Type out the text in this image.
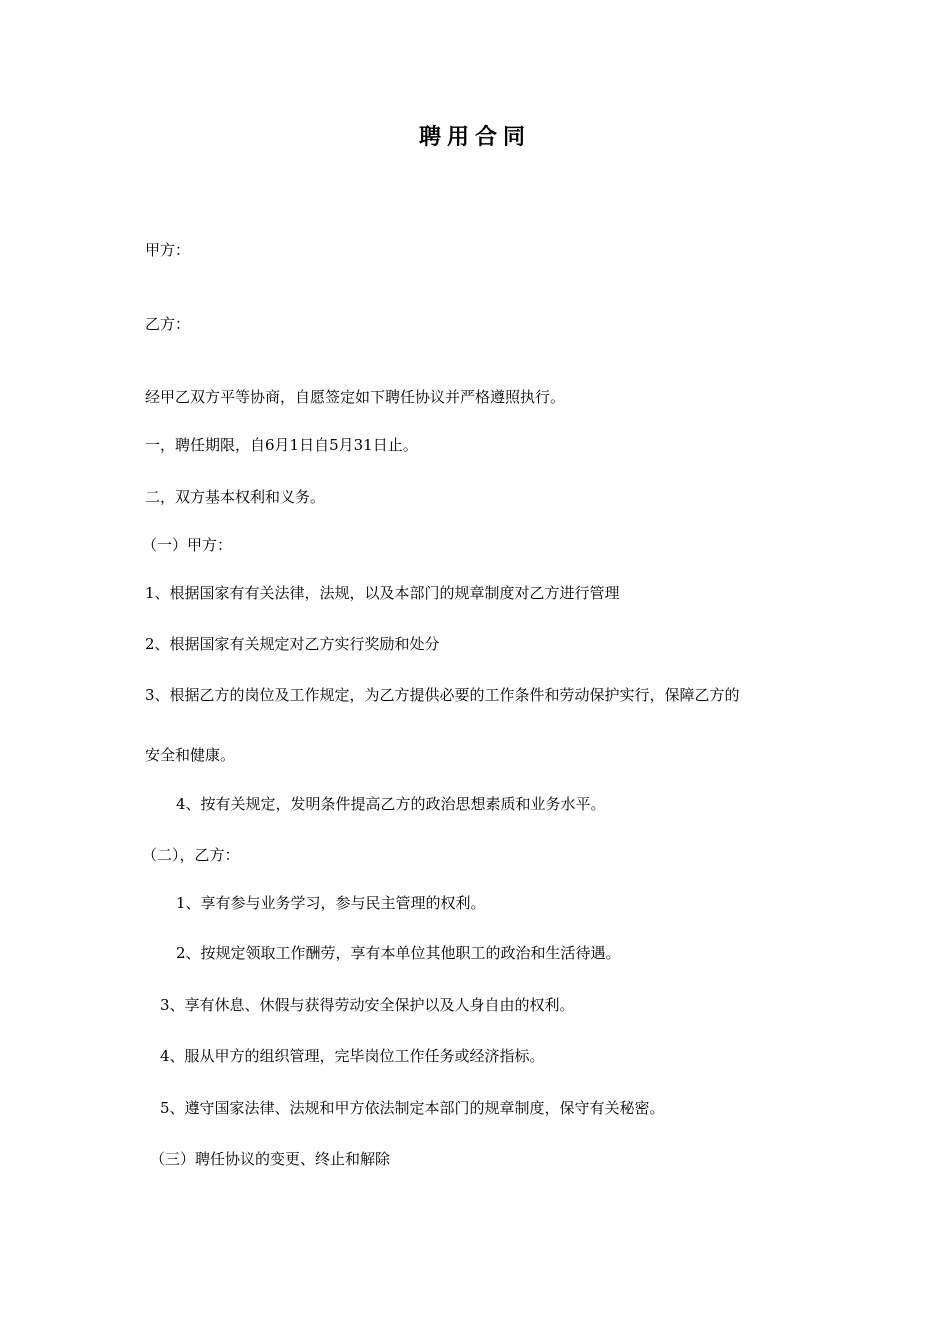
聘用合同
甲方：
乙方：
经甲乙双方平等协商，自愿签定如下聘任协议并严格遵照执行。
一，聘任期限，自6月1日自5月31日止。
二，双方基本权利和义务。
（一）甲方：
1、根据国家有有关法律，法规，以及本部门的规章制度对乙方进行管理
2、根据国家有关规定对乙方实行奖励和处分
3、根据乙方的岗位及工作规定，为乙方提供必要的工作条件和劳动保护实行，保障乙方的
安全和健康。
4、按有关规定，发明条件提高乙方的政治思想素质和业务水平。
（二），乙方：
1、享有参与业务学习，参与民主管理的权利。
2、按规定领取工作酬劳，享有本单位其他职工的政治和生活待遇。
3、享有休息、休假与获得劳动安全保护以及人身自由的权利。
4、服从甲方的组织管理，完毕岗位工作任务或经济指标。
5、遵守国家法律、法规和甲方依法制定本部门的规章制度，保守有关秘密。
（三）聘任协议的变更、终止和解除
